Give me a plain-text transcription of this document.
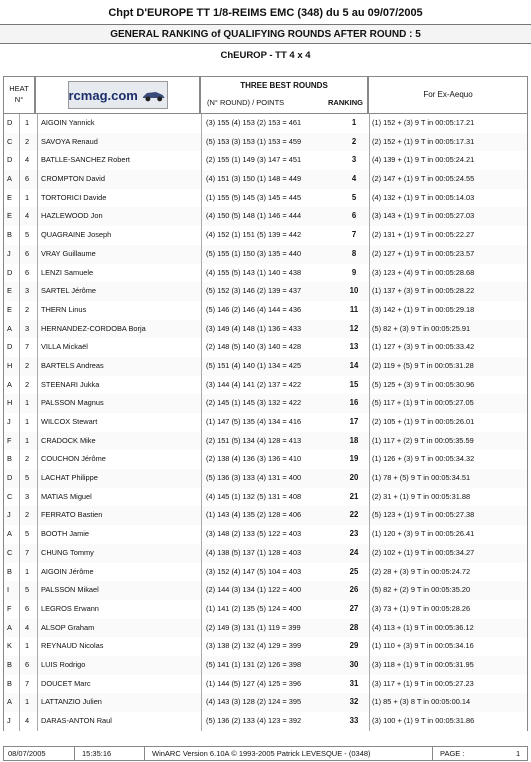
Chpt D'EUROPE TT 1/8-REIMS EMC (348) du 5 au 09/07/2005
GENERAL RANKING of QUALIFYING ROUNDS AFTER ROUND : 5
ChEUROP - TT 4 x 4
HEAT
N°	rcmag.com
THREE BEST ROUNDS
(N° ROUND) / POINTS	RANKING
For Ex-Aequo
D	1	AIGOIN Yannick	(3) 155 (4) 153 (2) 153 = 461	1	(1) 152 + (3) 9 T in 00:05:17.21
C	2	SAVOYA Renaud	(5) 153 (3) 153 (1) 153 = 459	2	(2) 152 + (1) 9 T in 00:05:17.31
D	4	BATLLE-SANCHEZ Robert	(2) 155 (1) 149 (3) 147 = 451	3	(4) 139 + (1) 9 T in 00:05:24.21
A	6	CROMPTON David	(4) 151 (3) 150 (1) 148 = 449	4	(2) 147 + (1) 9 T in 00:05:24.55
E	1	TORTORICI Davide	(1) 155 (5) 145 (3) 145 = 445	5	(4) 132 + (1) 9 T in 00:05:14.03
E	4	HAZLEWOOD Jon	(4) 150 (5) 148 (1) 146 = 444	6	(3) 143 + (1) 9 T in 00:05:27.03
B	5	QUAGRAINE Joseph	(4) 152 (1) 151 (5) 139 = 442	7	(2) 131 + (1) 9 T in 00:05:22.27
J	6	VRAY Guillaume	(5) 155 (1) 150 (3) 135 = 440	8	(2) 127 + (1) 9 T in 00:05:23.57
D	6	LENZI Samuele	(4) 155 (5) 143 (1) 140 = 438	9	(3) 123 + (4) 9 T in 00:05:28.68
E	3	SARTEL Jérôme	(5) 152 (3) 146 (2) 139 = 437	10	(1) 137 + (3) 9 T in 00:05:28.22
E	2	THERN Linus	(5) 146 (2) 146 (4) 144 = 436	11	(3) 142 + (1) 9 T in 00:05:29.18
A	3	HERNANDEZ-CORDOBA Borja	(3) 149 (4) 148 (1) 136 = 433	12	(5) 82 + (3) 9 T in 00:05:25.91
D	7	VILLA Mickaël	(2) 148 (5) 140 (3) 140 = 428	13	(1) 127 + (3) 9 T in 00:05:33.42
H	2	BARTELS Andreas	(5) 151 (4) 140 (1) 134 = 425	14	(2) 119 + (5) 9 T in 00:05:31.28
A	2	STEENARI Jukka	(3) 144 (4) 141 (2) 137 = 422	15	(5) 125 + (3) 9 T in 00:05:30.96
H	1	PALSSON Magnus	(2) 145 (1) 145 (3) 132 = 422	16	(5) 117 + (1) 9 T in 00:05:27.05
J	1	WILCOX Stewart	(1) 147 (5) 135 (4) 134 = 416	17	(2) 105 + (1) 9 T in 00:05:26.01
F	1	CRADOCK Mike	(2) 151 (5) 134 (4) 128 = 413	18	(1) 117 + (2) 9 T in 00:05:35.59
B	2	COUCHON Jérôme	(2) 138 (4) 136 (3) 136 = 410	19	(1) 126 + (3) 9 T in 00:05:34.32
D	5	LACHAT Philippe	(5) 136 (3) 133 (4) 131 = 400	20	(1) 78 + (5) 9 T in 00:05:34.51
C	3	MATIAS Miguel	(4) 145 (1) 132 (5) 131 = 408	21	(2) 31 + (1) 9 T in 00:05:31.88
J	2	FERRATO Bastien	(1) 143 (4) 135 (2) 128 = 406	22	(5) 123 + (1) 9 T in 00:05:27.38
A	5	BOOTH Jamie	(3) 148 (2) 133 (5) 122 = 403	23	(1) 120 + (3) 9 T in 00:05:26.41
C	7	CHUNG Tommy	(4) 138 (5) 137 (1) 128 = 403	24	(2) 102 + (1) 9 T in 00:05:34.27
B	1	AIGOIN Jérôme	(3) 152 (4) 147 (5) 104 = 403	25	(2) 28 + (3) 9 T in 00:05:24.72
I	5	PALSSON Mikael	(2) 144 (3) 134 (1) 122 = 400	26	(5) 82 + (2) 9 T in 00:05:35.20
F	6	LEGROS Erwann	(1) 141 (2) 135 (5) 124 = 400	27	(3) 73 + (1) 9 T in 00:05:28.26
A	4	ALSOP Graham	(2) 149 (3) 131 (1) 119 = 399	28	(4) 113 + (1) 9 T in 00:05:36.12
K	1	REYNAUD Nicolas	(3) 138 (2) 132 (4) 129 = 399	29	(1) 110 + (3) 9 T in 00:05:34.16
B	6	LUIS Rodrigo	(5) 141 (1) 131 (2) 126 = 398	30	(3) 118 + (1) 9 T in 00:05:31.95
B	7	DOUCET Marc	(1) 144 (5) 127 (4) 125 = 396	31	(3) 117 + (1) 9 T in 00:05:27.23
A	1	LATTANZIO Julien	(4) 143 (3) 128 (2) 124 = 395	32	(1) 85 + (3) 8 T in 00:05:00.14
J	4	DARAS-ANTON Raul	(5) 136 (2) 133 (4) 123 = 392	33	(3) 100 + (1) 9 T in 00:05:31.86
08/07/2005	15:35:16	WinARC Version 6.10A © 1993-2005 Patrick LEVESQUE - (0348)	PAGE :	1
